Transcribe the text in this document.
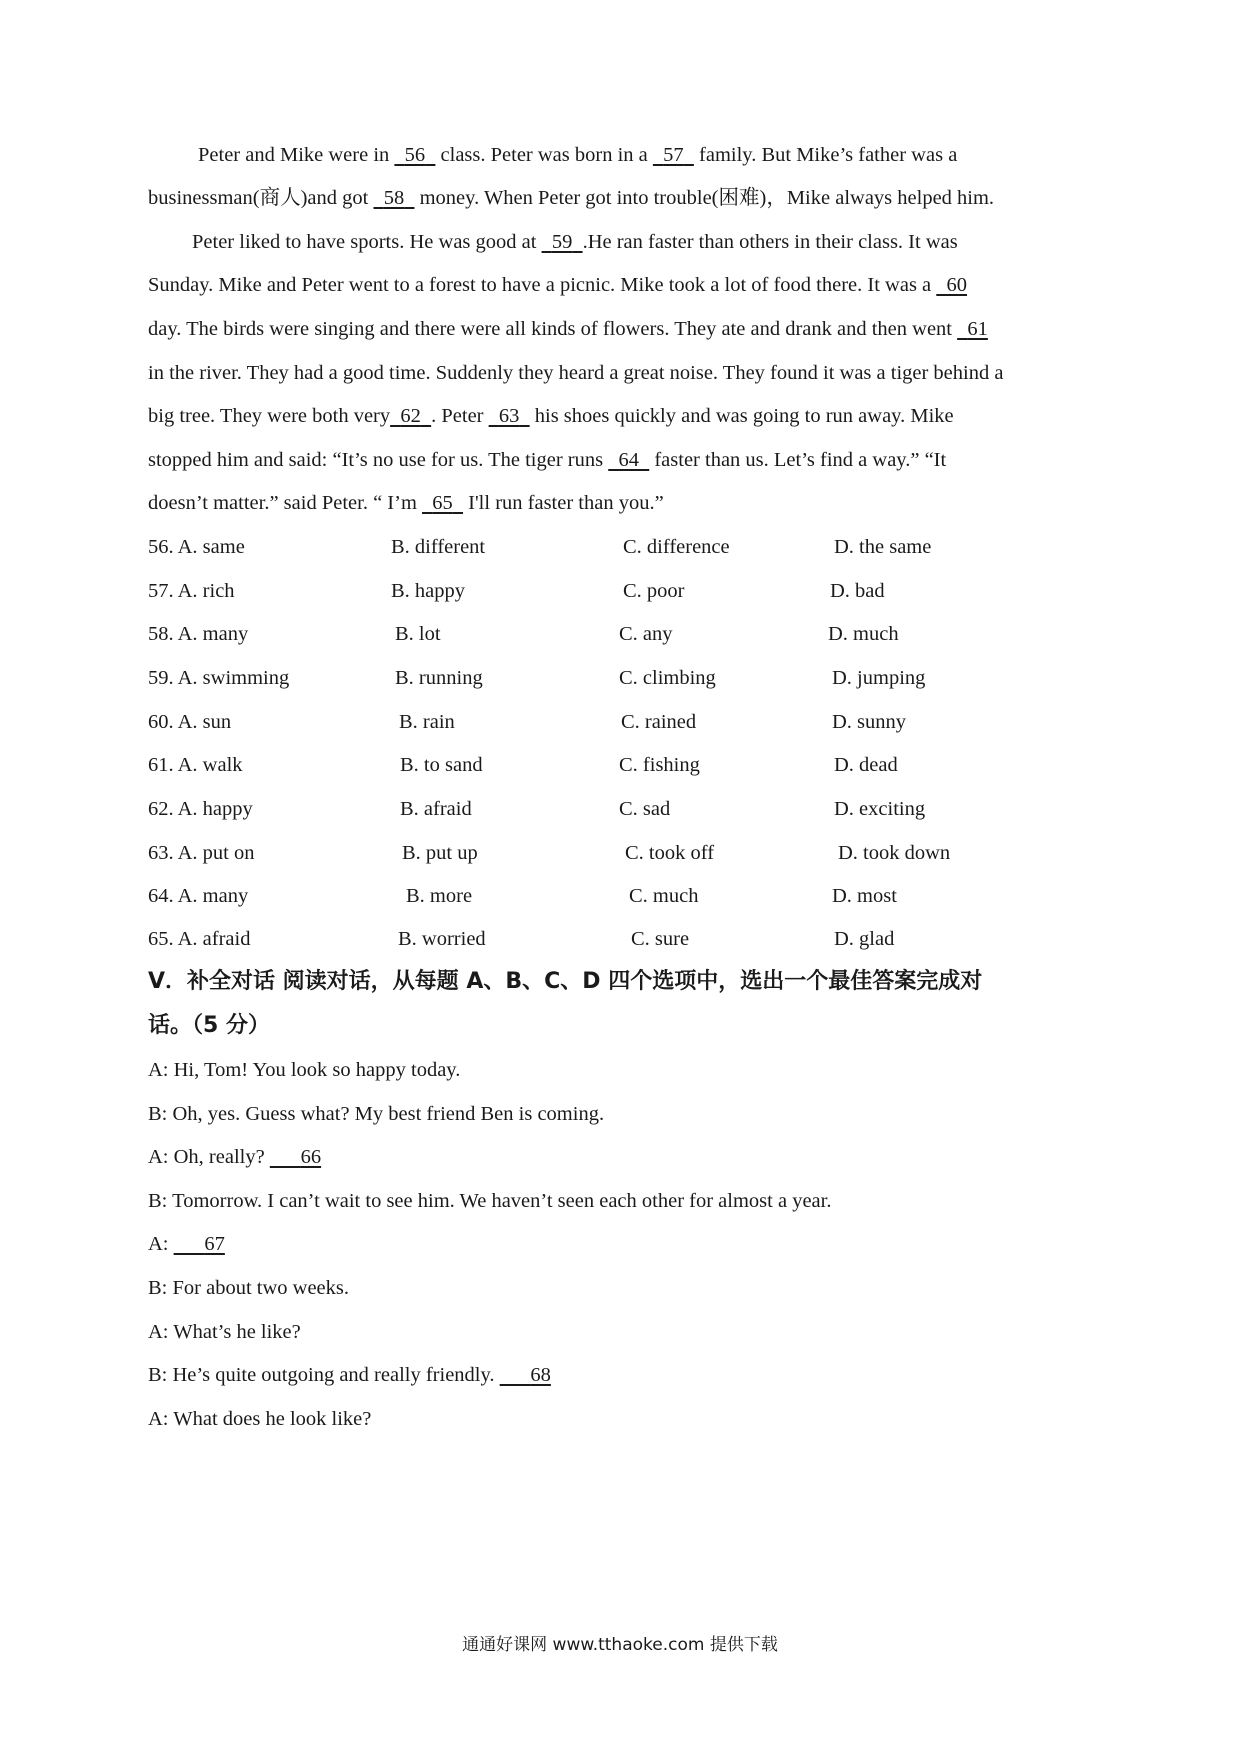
Peter and Mike were in   56   class. Peter was born in a   57   family. But Mike’s father was a
businessman(商人)and got   58   money. When Peter got into trouble(困难)，Mike always helped him.
Peter liked to have sports. He was good at   59 .He ran faster than others in their class. It was
Sunday. Mike and Peter went to a forest to have a picnic. Mike took a lot of food there. It was a   60
day. The birds were singing and there were all kinds of flowers. They ate and drank and then went   61
in the river. They had a good time. Suddenly they heard a great noise. They found it was a tiger behind a
big tree. They were both very 62 . Peter   63   his shoes quickly and was going to run away. Mike
stopped him and said: “It’s no use for us. The tiger runs   64   faster than us. Let’s find a way.” “It
doesn’t matter.” said Peter. “ I’m   65   I'll run faster than you.”
56. A. same	B. different	C. difference	D. the same
57. A. rich	B. happy	C. poor	D. bad
58. A. many	B. lot	C. any	D. much
59. A. swimming	B. running	C. climbing	D. jumping
60. A. sun	B. rain	C. rained	D. sunny
61. A. walk	B. to sand	C. fishing	D. dead
62. A. happy	B. afraid	C. sad	D. exciting
63. A. put on	B. put up	C. took off	D. took down
64. A. many	B. more	C. much	D. most
65. A. afraid	B. worried	C. sure	D. glad
V．补全对话 阅读对话，从每题 A、B、C、D 四个选项中，选出一个最佳答案完成对
话。（5 分）
A: Hi, Tom! You look so happy today.
B: Oh, yes. Guess what? My best friend Ben is coming.
A: Oh, really?       66
B: Tomorrow. I can’t wait to see him. We haven’t seen each other for almost a year.
A:       67
B: For about two weeks.
A: What’s he like?
B: He’s quite outgoing and really friendly.       68
A: What does he look like?
通通好课网 www.tthaoke.com 提供下载
